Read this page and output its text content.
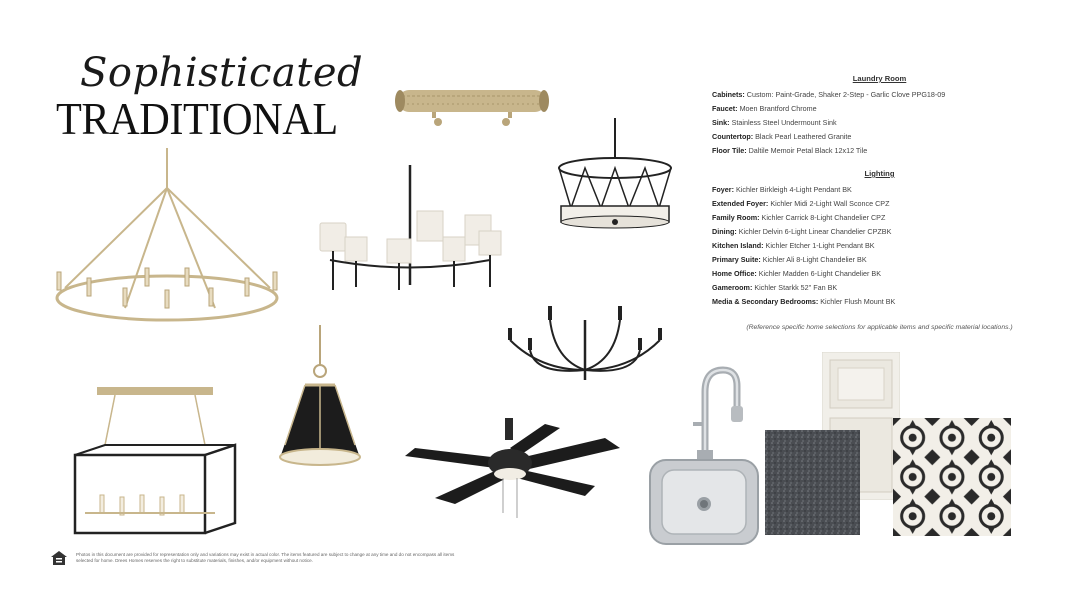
Sophisticated
TRADITIONAL
Laundry Room
Cabinets: Custom: Paint-Grade, Shaker 2-Step - Garlic Clove PPG18-09
Faucet: Moen Brantford Chrome
Sink: Stainless Steel Undermount Sink
Countertop: Black Pearl Leathered Granite
Floor Tile: Daltile Memoir Petal Black 12x12 Tile
Lighting
Foyer: Kichler Birkleigh 4-Light Pendant BK
Extended Foyer: Kichler Midi 2-Light Wall Sconce CPZ
Family Room: Kichler Carrick 8-Light Chandelier CPZ
Dining: Kichler Delvin 6-Light Linear Chandelier CPZBK
Kitchen Island: Kichler Etcher 1-Light Pendant BK
Primary Suite: Kichler Ali 8-Light Chandelier BK
Home Office: Kichler Madden 6-Light Chandelier BK
Gameroom: Kichler Starkk 52" Fan BK
Media & Secondary Bedrooms: Kichler Flush Mount BK
(Reference specific home selections for applicable items and specific material locations.)
Photos in this document are provided for representation only and variations may exist in actual color. The items featured are subject to change at any time and do not encompass all items selected for home. Drees Homes reserves the right to substitute materials, finishes, and/or equipment without notice.
